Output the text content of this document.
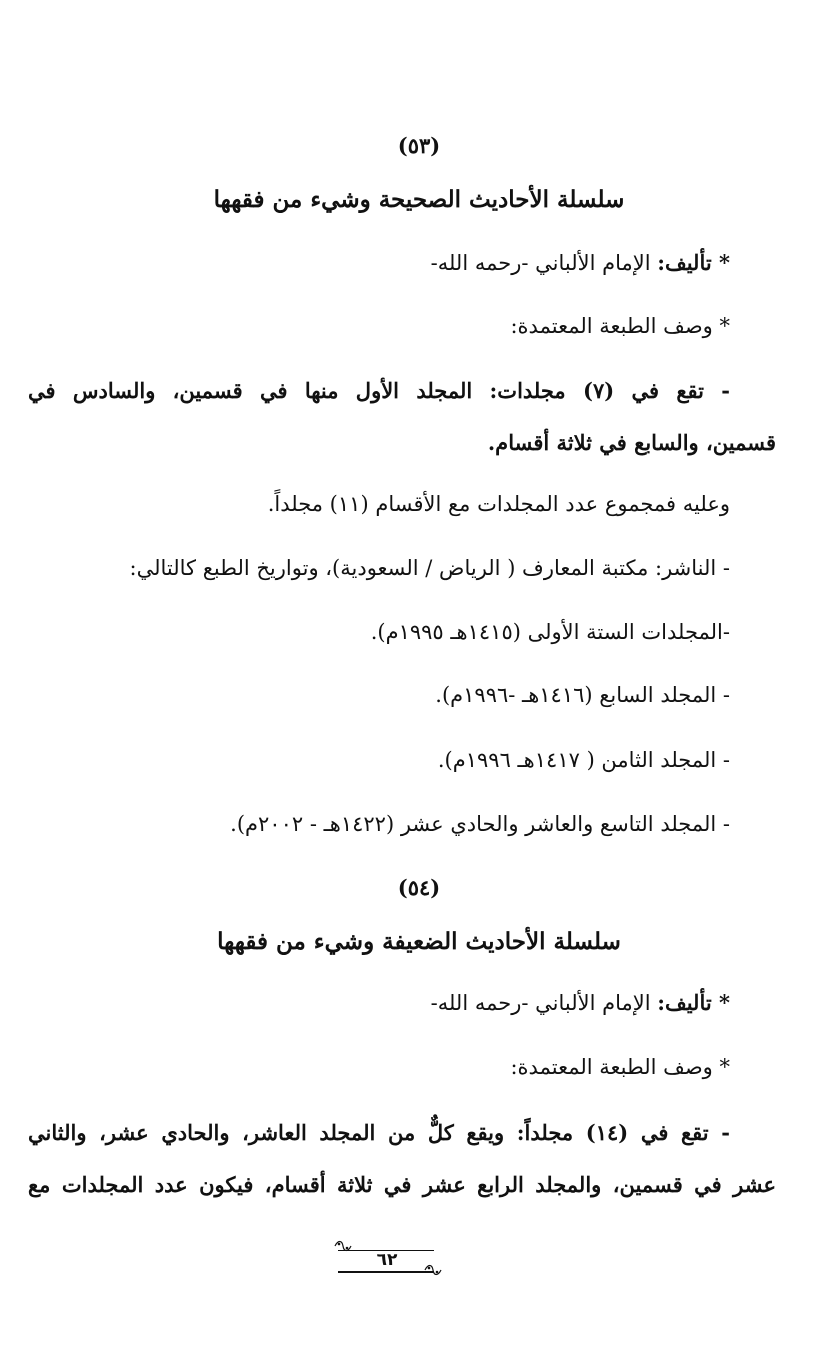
(٥٣)
سلسلة الأحاديث الصحيحة وشيء من فقهها
* تأليف: الإمام الألباني -رحمه الله-
* وصف الطبعة المعتمدة:
- تقع في (٧) مجلدات: المجلد الأول منها في قسمين، والسادس في
قسمين، والسابع في ثلاثة أقسام.
وعليه فمجموع عدد المجلدات مع الأقسام (١١) مجلداً.
- الناشر: مكتبة المعارف ( الرياض / السعودية)، وتواريخ الطبع كالتالي:
-المجلدات الستة الأولى (١٤١٥هـ ١٩٩٥م).
- المجلد السابع (١٤١٦هـ -١٩٩٦م).
- المجلد الثامن ( ١٤١٧هـ ١٩٩٦م).
- المجلد التاسع والعاشر والحادي عشر (١٤٢٢هـ - ٢٠٠٢م).
(٥٤)
سلسلة الأحاديث الضعيفة وشيء من فقهها
* تأليف: الإمام الألباني -رحمه الله-
* وصف الطبعة المعتمدة:
- تقع في (١٤) مجلداً: ويقع كلٌّ من المجلد العاشر، والحادي عشر، والثاني
عشر في قسمين، والمجلد الرابع عشر في ثلاثة أقسام، فيكون عدد المجلدات مع
٦٢
